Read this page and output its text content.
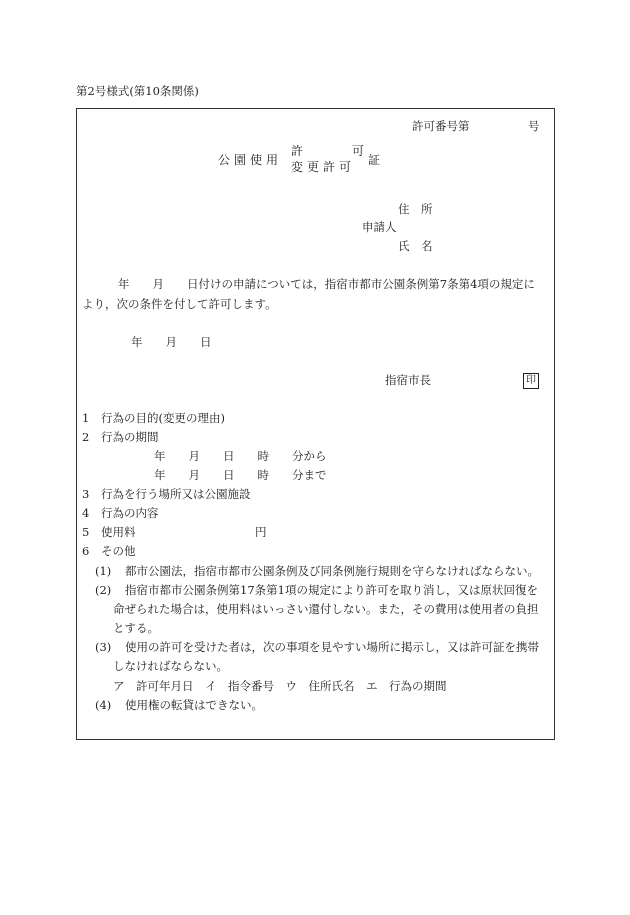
第2号様式(第10条関係)
許可番号第	号
公園使用
許	可
変更許可 証
住　所
申請人
氏　名
年　　月　　日付けの申請については，指宿市都市公園条例第7条第4項の規定に
より，次の条件を付して許可します。
年　　月　　日
指宿市長	印
1 行為の目的(変更の理由)
2 行為の期間
年　　月　　日　　時　　分から
年　　月　　日　　時　　分まで
3 行為を行う場所又は公園施設
4 行為の内容
5 使用料	円
6 その他
(1) 都市公園法，指宿市都市公園条例及び同条例施行規則を守らなければならない。
(2) 指宿市都市公園条例第17条第1項の規定により許可を取り消し，又は原状回復を
命ぜられた場合は，使用料はいっさい還付しない。また，その費用は使用者の負担
とする。
(3) 使用の許可を受けた者は，次の事項を見やすい場所に掲示し，又は許可証を携帯
しなければならない。
ア　許可年月日　イ　指令番号　ウ　住所氏名　エ　行為の期間
(4) 使用権の転貸はできない。
